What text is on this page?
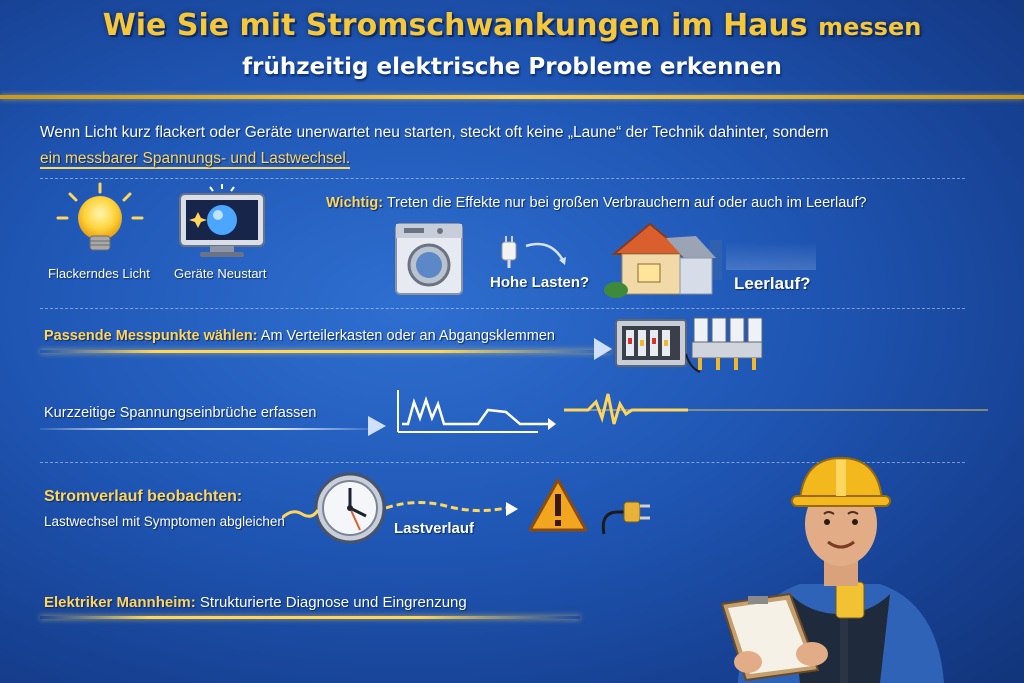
Wie Sie mit Stromschwankungen im Haus messen
frühzeitig elektrische Probleme erkennen
Wenn Licht kurz flackert oder Geräte unerwartet neu starten, steckt oft keine „Laune“ der Technik dahinter, sondern
ein messbarer Spannungs- und Lastwechsel.
Flackerndes Licht Geräte Neustart
Wichtig: Treten die Effekte nur bei großen Verbrauchern auf oder auch im Leerlauf?
Hohe Lasten?	Leerlauf?
Passende Messpunkte wählen: Am Verteilerkasten oder an Abgangsklemmen
Kurzzeitige Spannungseinbrüche erfassen
Stromverlauf beobachten:
Lastwechsel mit Symptomen abgleichen	Lastverlauf
Elektriker Mannheim: Strukturierte Diagnose und Eingrenzung
